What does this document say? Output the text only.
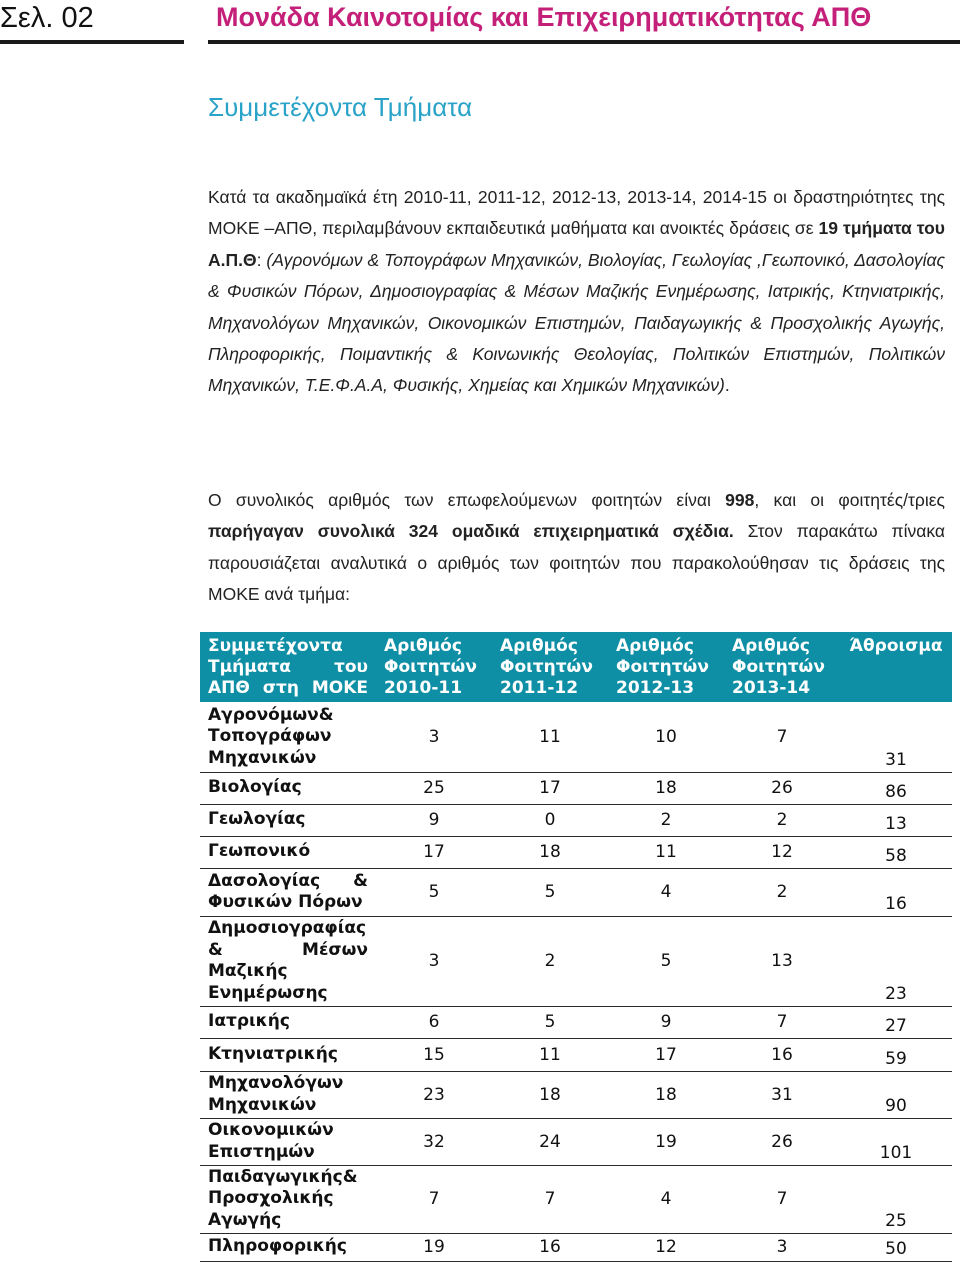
Σελ. 02	Μονάδα Καινοτομίας και Επιχειρηματικότητας ΑΠΘ
Συμμετέχοντα Τμήματα
Κατά τα ακαδημαϊκά έτη 2010-11, 2011-12, 2012-13, 2013-14, 2014-15 οι δραστηριότητες της ΜΟΚΕ –ΑΠΘ, περιλαμβάνουν εκπαιδευτικά μαθήματα και ανοικτές δράσεις σε 19 τμήματα του Α.Π.Θ: (Αγρονόμων & Τοπογράφων Μηχανικών, Βιολογίας, Γεωλογίας ,Γεωπονικό, Δασολογίας & Φυσικών Πόρων, Δημοσιογραφίας & Μέσων Μαζικής Ενημέρωσης, Ιατρικής, Κτηνιατρικής, Μηχανολόγων Μηχανικών, Οικονομικών Επιστημών, Παιδαγωγικής & Προσχολικής Αγωγής, Πληροφορικής, Ποιμαντικής & Κοινωνικής Θεολογίας, Πολιτικών Επιστημών, Πολιτικών Μηχανικών, Τ.Ε.Φ.Α.Α, Φυσικής, Χημείας και Χημικών Μηχανικών).
Ο συνολικός αριθμός των επωφελούμενων φοιτητών είναι 998, και οι φοιτητές/τριες παρήγαγαν συνολικά 324 ομαδικά επιχειρηματικά σχέδια. Στον παρακάτω πίνακα παρουσιάζεται αναλυτικά ο αριθμός των φοιτητών που παρακολούθησαν τις δράσεις της ΜΟΚΕ ανά τμήμα:
Συμμετέχοντα Τμήματα του ΑΠΘ στη ΜΟΚΕ	Αριθμός Φοιτητών 2010-11	Αριθμός Φοιτητών 2011-12	Αριθμός Φοιτητών 2012-13	Αριθμός Φοιτητών 2013-14	Άθροισμα
Αγρονόμων& Τοπογράφων Μηχανικών	3	11	10	7	31
Βιολογίας	25	17	18	26	86
Γεωλογίας	9	0	2	2	13
Γεωπονικό	17	18	11	12	58
Δασολογίας & Φυσικών Πόρων	5	5	4	2	16
Δημοσιογραφίας & Μέσων Μαζικής Ενημέρωσης	3	2	5	13	23
Ιατρικής	6	5	9	7	27
Κτηνιατρικής	15	11	17	16	59
Μηχανολόγων Μηχανικών	23	18	18	31	90
Οικονομικών Επιστημών	32	24	19	26	101
Παιδαγωγικής& Προσχολικής Αγωγής	7	7	4	7	25
Πληροφορικής	19	16	12	3	50
